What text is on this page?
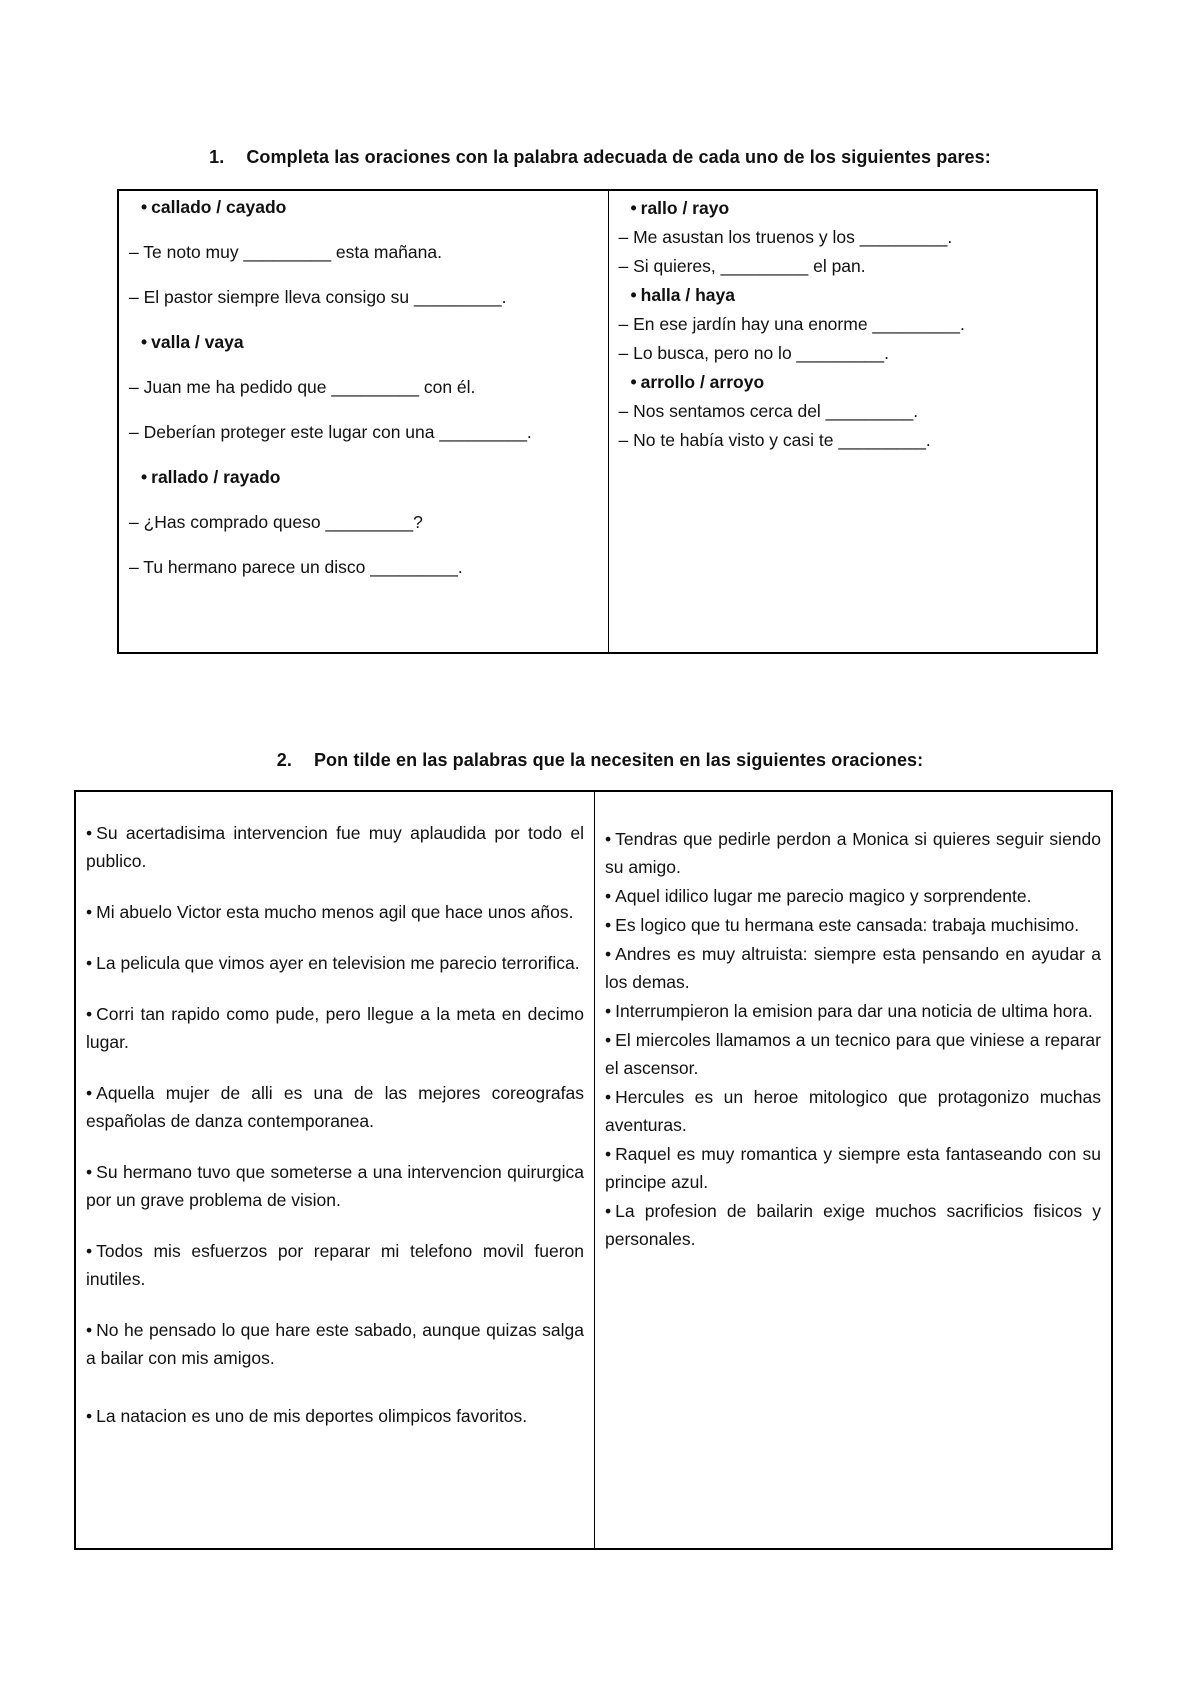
1. Completa las oraciones con la palabra adecuada de cada uno de los siguientes pares:
• callado / cayado
– Te noto muy _________ esta mañana.
– El pastor siempre lleva consigo su _________.
• valla / vaya
– Juan me ha pedido que _________ con él.
– Deberían proteger este lugar con una _________.
• rallado / rayado
– ¿Has comprado queso _________?
– Tu hermano parece un disco _________.
• rallo / rayo
– Me asustan los truenos y los _________.
– Si quieres, _________ el pan.
• halla / haya
– En ese jardín hay una enorme _________.
– Lo busca, pero no lo _________.
• arrollo / arroyo
– Nos sentamos cerca del _________.
– No te había visto y casi te _________.
2. Pon tilde en las palabras que la necesiten en las siguientes oraciones:
• Su acertadisima intervencion fue muy aplaudida por todo el publico.
• Mi abuelo Victor esta mucho menos agil que hace unos años.
• La pelicula que vimos ayer en television me parecio terrorifica.
• Corri tan rapido como pude, pero llegue a la meta en decimo lugar.
• Aquella mujer de alli es una de las mejores coreografas españolas de danza contemporanea.
• Su hermano tuvo que someterse a una intervencion quirurgica por un grave problema de vision.
• Todos mis esfuerzos por reparar mi telefono movil fueron inutiles.
• No he pensado lo que hare este sabado, aunque quizas salga a bailar con mis amigos.
• La natacion es uno de mis deportes olimpicos favoritos.
• Tendras que pedirle perdon a Monica si quieres seguir siendo su amigo.
• Aquel idilico lugar me parecio magico y sorprendente.
• Es logico que tu hermana este cansada: trabaja muchisimo.
• Andres es muy altruista: siempre esta pensando en ayudar a los demas.
• Interrumpieron la emision para dar una noticia de ultima hora.
• El miercoles llamamos a un tecnico para que viniese a reparar el ascensor.
• Hercules es un heroe mitologico que protagonizo muchas aventuras.
• Raquel es muy romantica y siempre esta fantaseando con su principe azul.
• La profesion de bailarin exige muchos sacrificios fisicos y personales.
